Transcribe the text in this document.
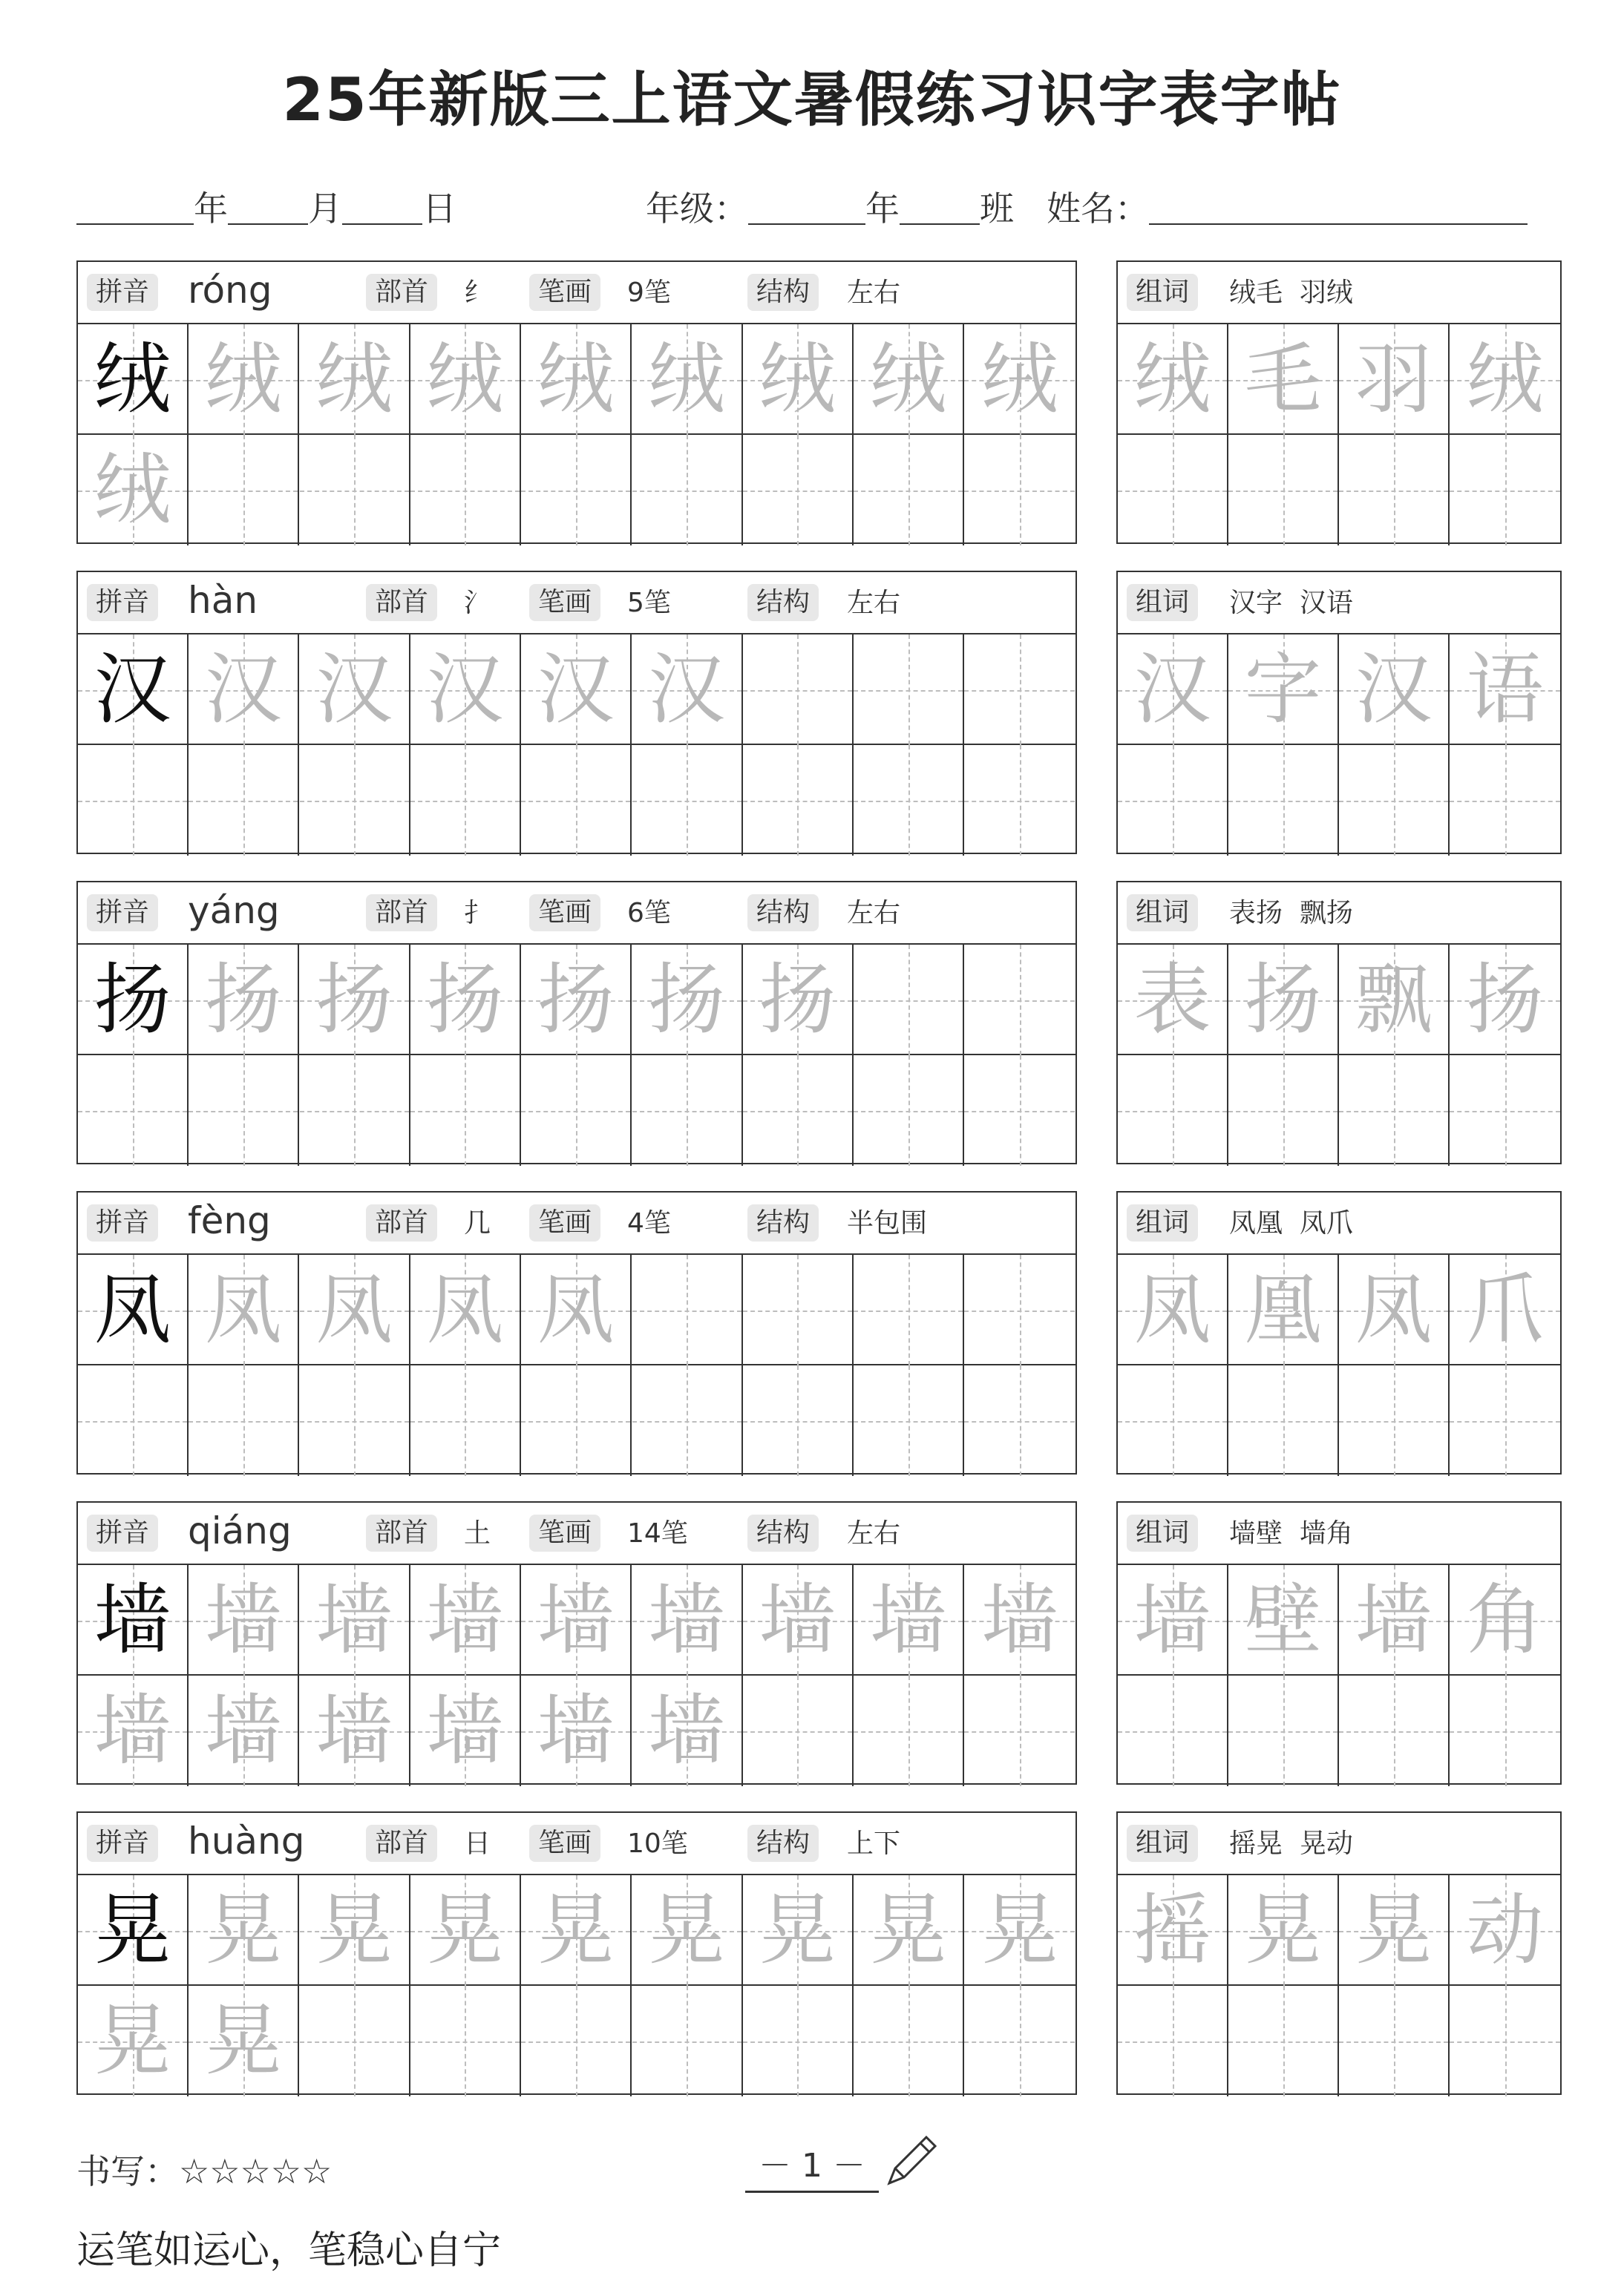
25年新版三上语文暑假练习识字表字帖
年 月 日	年级：	年 班 姓名：
拼音 róng	部首	纟	笔画	9笔	结构	左右
绒 绒 绒 绒 绒 绒 绒 绒 绒
绒
组词	绒毛  羽绒
绒 毛 羽 绒
拼音 hàn	部首	氵	笔画	5笔	结构	左右
汉 汉 汉 汉 汉 汉
组词	汉字  汉语
汉 字 汉 语
拼音 yáng	部首	扌	笔画	6笔	结构	左右
扬 扬 扬 扬 扬 扬 扬
组词	表扬  飘扬
表 扬 飘 扬
拼音 fèng	部首	几	笔画	4笔	结构	半包围
凤 凤 凤 凤 凤
组词	凤凰  凤爪
凤 凰 凤 爪
拼音 qiáng	部首	土	笔画	14笔	结构	左右
墙 墙 墙 墙 墙 墙 墙 墙 墙
墙 墙 墙 墙 墙 墙
组词	墙壁  墙角
墙 壁 墙 角
拼音 huàng	部首	日	笔画	10笔	结构	上下
晃 晃 晃 晃 晃 晃 晃 晃 晃
晃 晃
组词	摇晃  晃动
摇 晃 晃 动
书写：☆☆☆☆☆	－ 1 －
运笔如运心，笔稳心自宁
